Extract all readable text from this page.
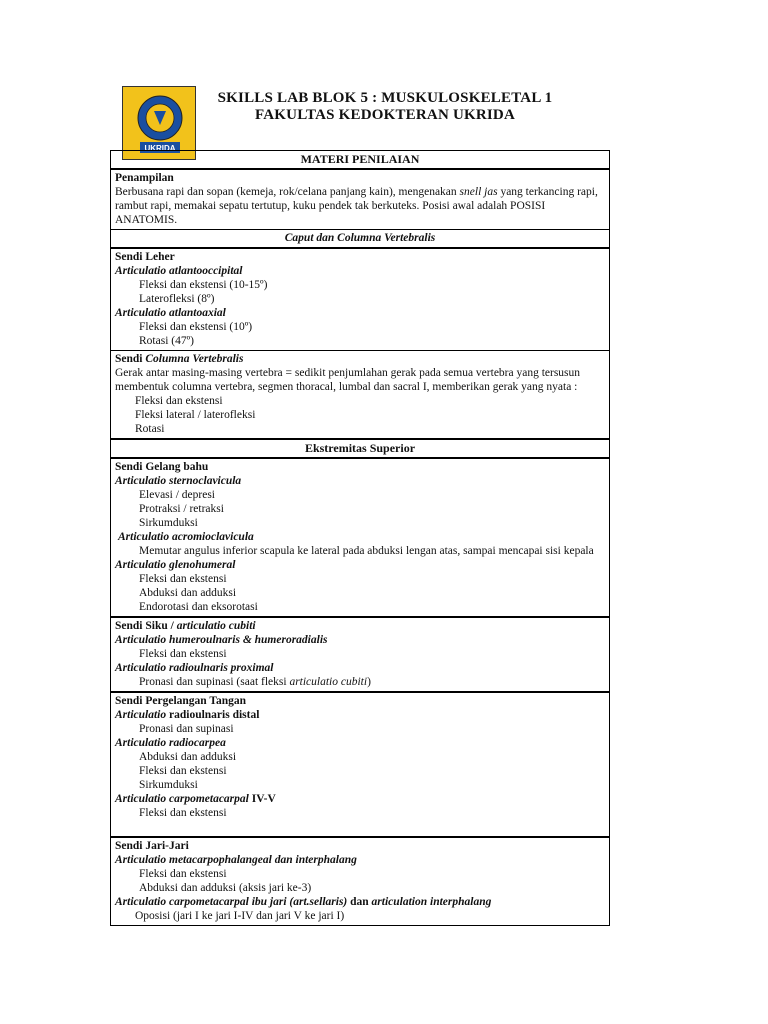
UKRIDA
SKILLS LAB BLOK 5 : MUSKULOSKELETAL 1
FAKULTAS KEDOKTERAN UKRIDA
MATERI PENILAIAN

Penampilan
Berbusana rapi dan sopan (kemeja, rok/celana panjang kain), mengenakan snell jas yang terkancing rapi, rambut rapi, memakai sepatu tertutup, kuku pendek tak berkuteks. Posisi awal adalah POSISI ANATOMIS.

Caput dan Columna Vertebralis

Sendi Leher
Articulatio atlantooccipital
Fleksi dan ekstensi (10-15º)
Laterofleksi (8º)
Articulatio atlantoaxial
Fleksi dan ekstensi (10º)
Rotasi (47º)

Sendi Columna Vertebralis
Gerak antar masing-masing vertebra = sedikit penjumlahan gerak pada semua vertebra yang tersusun membentuk columna vertebra, segmen thoracal, lumbal dan sacral I, memberikan gerak yang nyata :
Fleksi dan ekstensi
Fleksi lateral / laterofleksi
Rotasi

Ekstremitas Superior

Sendi Gelang bahu
Articulatio sternoclavicula
Elevasi / depresi
Protraksi / retraksi
Sirkumduksi
Articulatio acromioclavicula
Memutar angulus inferior scapula ke lateral pada abduksi lengan atas, sampai mencapai sisi kepala
Articulatio glenohumeral
Fleksi dan ekstensi
Abduksi dan adduksi
Endorotasi dan eksorotasi

Sendi Siku / articulatio cubiti
Articulatio humeroulnaris & humeroradialis
Fleksi dan ekstensi
Articulatio radioulnaris proximal
Pronasi dan supinasi (saat fleksi articulatio cubiti)

Sendi Pergelangan Tangan
Articulatio radioulnaris distal
Pronasi dan supinasi
Articulatio radiocarpea
Abduksi dan adduksi
Fleksi dan ekstensi
Sirkumduksi
Articulatio carpometacarpal IV-V
Fleksi dan ekstensi

Sendi Jari-Jari
Articulatio metacarpophalangeal dan interphalang
Fleksi dan ekstensi
Abduksi dan adduksi (aksis jari ke-3)
Articulatio carpometacarpal ibu jari (art.sellaris) dan articulation interphalang
Oposisi (jari I ke jari I-IV dan jari V ke jari I)
